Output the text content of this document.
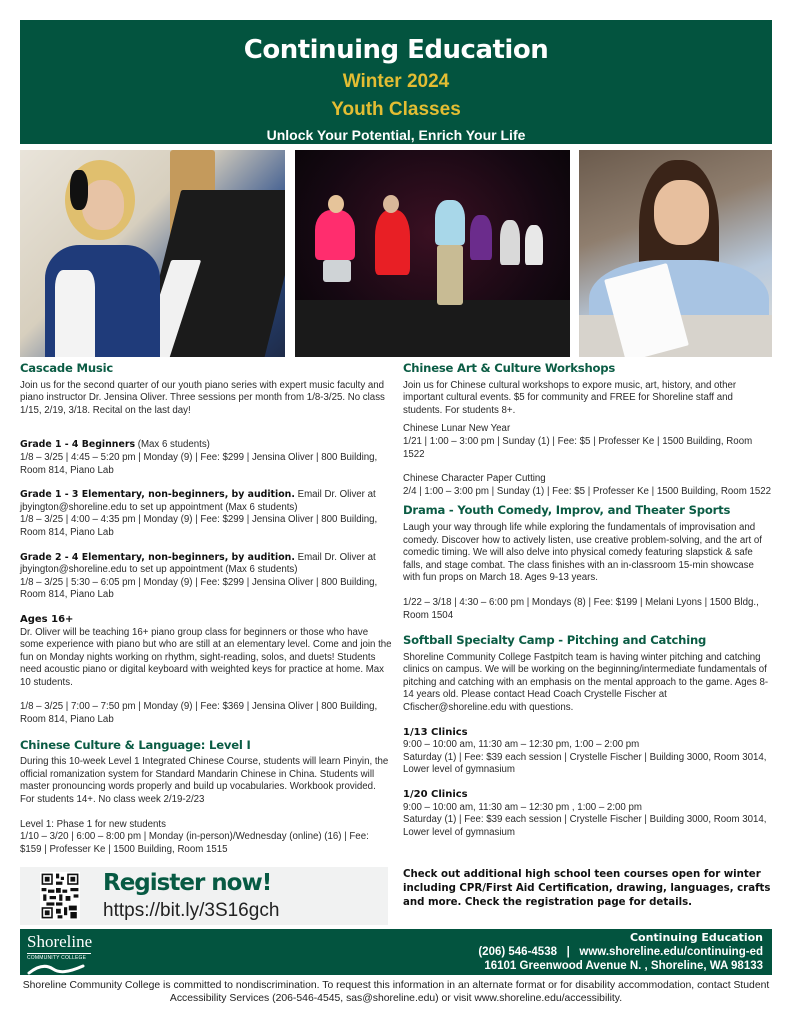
Continuing Education
Winter 2024
Youth Classes
Unlock Your Potential, Enrich Your Life
Cascade Music

Join us for the second quarter of our youth piano series with expert music faculty and piano instructor Dr. Jensina Oliver. Three sessions per month from 1/8-3/25. No class 1/15, 2/19, 3/18. Recital on the last day!

Grade 1 - 4 Beginners (Max 6 students)
1/8 – 3/25 | 4:45 – 5:20 pm | Monday (9) | Fee: $299 | Jensina Oliver | 800 Building, Room 814, Piano Lab

Grade 1 - 3 Elementary, non-beginners, by audition. Email Dr. Oliver at jbyington@shoreline.edu to set up appointment (Max 6 students)
1/8 – 3/25 | 4:00 – 4:35 pm | Monday (9) | Fee: $299 | Jensina Oliver | 800 Building, Room 814, Piano Lab

Grade 2 - 4 Elementary, non-beginners, by audition. Email Dr. Oliver at jbyington@shoreline.edu to set up appointment (Max 6 students)
1/8 – 3/25 | 5:30 – 6:05 pm | Monday (9) | Fee: $299 | Jensina Oliver | 800 Building, Room 814, Piano Lab

Ages 16+

Dr. Oliver will be teaching 16+ piano group class for beginners or those who have some experience with piano but who are still at an elementary level. Come and join the fun on Monday nights working on rhythm, sight-reading, solos, and duets! Students need acoustic piano or digital keyboard with weighted keys for practice at home. Max 10 students.

1/8 – 3/25 | 7:00 – 7:50 pm | Monday (9) | Fee: $369 | Jensina Oliver | 800 Building, Room 814, Piano Lab

Chinese Culture & Language: Level I

During this 10-week Level 1 Integrated Chinese Course, students will learn Pinyin, the official romanization system for Standard Mandarin Chinese in China. Students will master pronouncing words properly and build up vocabularies. Workbook provided. For students 14+. No class week 2/19-2/23

Level 1: Phase 1 for new students

1/10 – 3/20 | 6:00 – 8:00 pm | Monday (in-person)/Wednesday (online) (16) | Fee: $159 | Professer Ke | 1500 Building, Room 1515

Chinese Art & Culture Workshops

Join us for Chinese cultural workshops to expore music, art, history, and other important cultural events. $5 for community and FREE for Shoreline staff and students. For students 8+.

Chinese Lunar New Year

1/21 | 1:00 – 3:00 pm | Sunday (1) | Fee: $5 | Professer Ke | 1500 Building, Room 1522

Chinese Character Paper Cutting

2/4 | 1:00 – 3:00 pm | Sunday (1) | Fee: $5 | Professer Ke | 1500 Building, Room 1522

Drama - Youth Comedy, Improv, and Theater Sports

Laugh your way through life while exploring the fundamentals of improvisation and comedy. Discover how to actively listen, use creative problem-solving, and the art of comedic timing. We will also delve into physical comedy featuring slapstick & safe falls, and stage combat. The class finishes with an in-classroom 15-min showcase with fun props on March 18. Ages 9-13 years.

1/22 – 3/18 | 4:30 – 6:00 pm | Mondays (8) | Fee: $199 | Melani Lyons | 1500 Bldg., Room 1504

Softball Specialty Camp - Pitching and Catching

Shoreline Community College Fastpitch team is having winter pitching and catching clinics on campus. We will be working on the beginning/intermediate fundamentals of pitching and catching with an emphasis on the mental approach to the game. Ages 8-14 years old. Please contact Head Coach Crystelle Fischer at Cfischer@shoreline.edu with questions.

1/13 Clinics

9:00 – 10:00 am, 11:30 am – 12:30 pm, 1:00 – 2:00 pm

Saturday (1) | Fee: $39 each session | Crystelle Fischer | Building 3000, Room 3014, Lower level of gymnasium

1/20 Clinics

9:00 – 10:00 am, 11:30 am – 12:30 pm , 1:00 – 2:00 pm

Saturday (1) | Fee: $39 each session | Crystelle Fischer | Building 3000, Room 3014, Lower level of gymnasium

Register now!
https://bit.ly/3S16gch
Check out additional high school teen courses open for winter including CPR/First Aid Certification, drawing, languages, crafts and more. Check the registration page for details.
Shoreline
COMMUNITY COLLEGE
Continuing Education
(206) 546-4538 | www.shoreline.edu/continuing-ed
16101 Greenwood Avenue N. , Shoreline, WA 98133
Shoreline Community College is committed to nondiscrimination. To request this information in an alternate format or for disability accommodation, contact Student Accessibility Services (206-546-4545, sas@shoreline.edu) or visit www.shoreline.edu/accessibility.
